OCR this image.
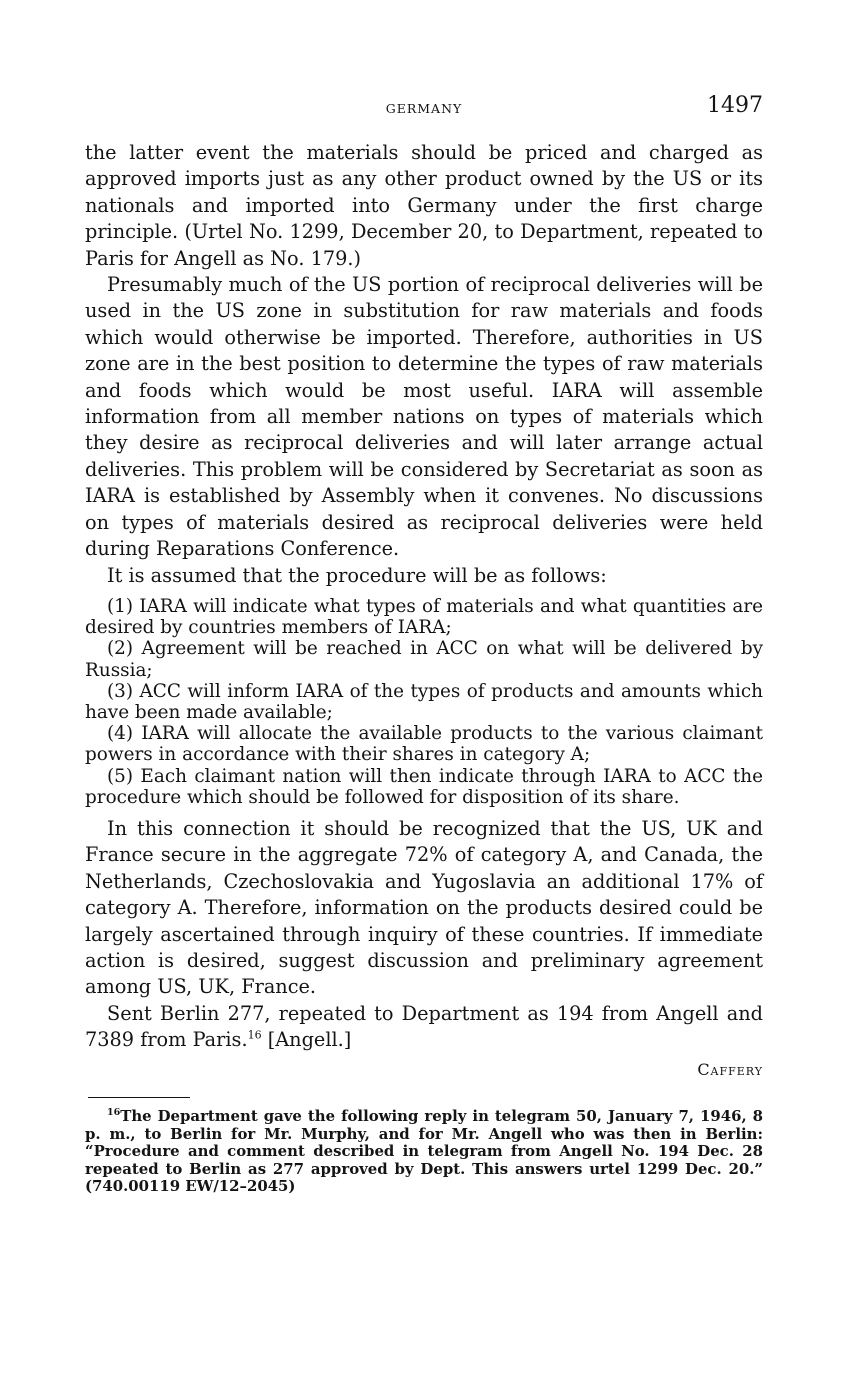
GERMANY	1497

the latter event the materials should be priced and charged as approved imports just as any other product owned by the US or its nationals and imported into Germany under the first charge principle. (Urtel No. 1299, December 20, to Department, repeated to Paris for Angell as No. 179.)

Presumably much of the US portion of reciprocal deliveries will be used in the US zone in substitution for raw materials and foods which would otherwise be imported. Therefore, authorities in US zone are in the best position to determine the types of raw materials and foods which would be most useful. IARA will assemble information from all member nations on types of materials which they desire as reciprocal deliveries and will later arrange actual deliveries. This problem will be considered by Secretariat as soon as IARA is established by Assembly when it convenes. No discussions on types of materials desired as reciprocal deliveries were held during Reparations Conference.

It is assumed that the procedure will be as follows:

(1) IARA will indicate what types of materials and what quantities are desired by countries members of IARA;

(2) Agreement will be reached in ACC on what will be delivered by Russia;

(3) ACC will inform IARA of the types of products and amounts which have been made available;

(4) IARA will allocate the available products to the various claimant powers in accordance with their shares in category A;

(5) Each claimant nation will then indicate through IARA to ACC the procedure which should be followed for disposition of its share.

In this connection it should be recognized that the US, UK and France secure in the aggregate 72% of category A, and Canada, the Netherlands, Czechoslovakia and Yugoslavia an additional 17% of category A. Therefore, information on the products desired could be largely ascertained through inquiry of these countries. If immediate action is desired, suggest discussion and preliminary agreement among US, UK, France.

Sent Berlin 277, repeated to Department as 194 from Angell and 7389 from Paris.$^{16}$ [Angell.]

Caffery

$^{16}$The Department gave the following reply in telegram 50, January 7, 1946, 8 p. m., to Berlin for Mr. Murphy, and for Mr. Angell who was then in Berlin: “Procedure and comment described in telegram from Angell No. 194 Dec. 28 repeated to Berlin as 277 approved by Dept. This answers urtel 1299 Dec. 20.” (740.00119 EW/12–2045)
